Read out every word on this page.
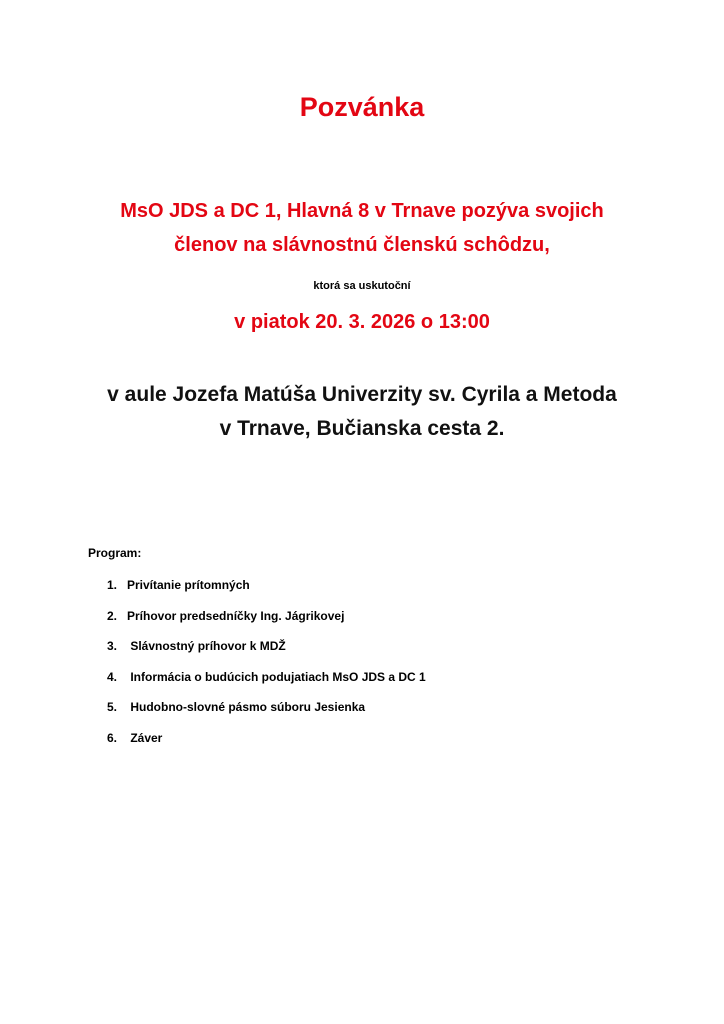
Pozvánka
MsO JDS a DC 1, Hlavná 8 v Trnave pozýva svojich
členov na slávnostnú členskú schôdzu,
ktorá sa uskutoční
v piatok 20. 3. 2026 o 13:00
v aule Jozefa Matúša Univerzity sv. Cyrila a Metoda
v Trnave, Bučianska cesta 2.
Program:
1. Privítanie prítomných
2. Príhovor predsedníčky Ing. Jágrikovej
3. Slávnostný príhovor k MDŽ
4. Informácia o budúcich podujatiach MsO JDS a DC 1
5. Hudobno-slovné pásmo súboru Jesienka
6. Záver
